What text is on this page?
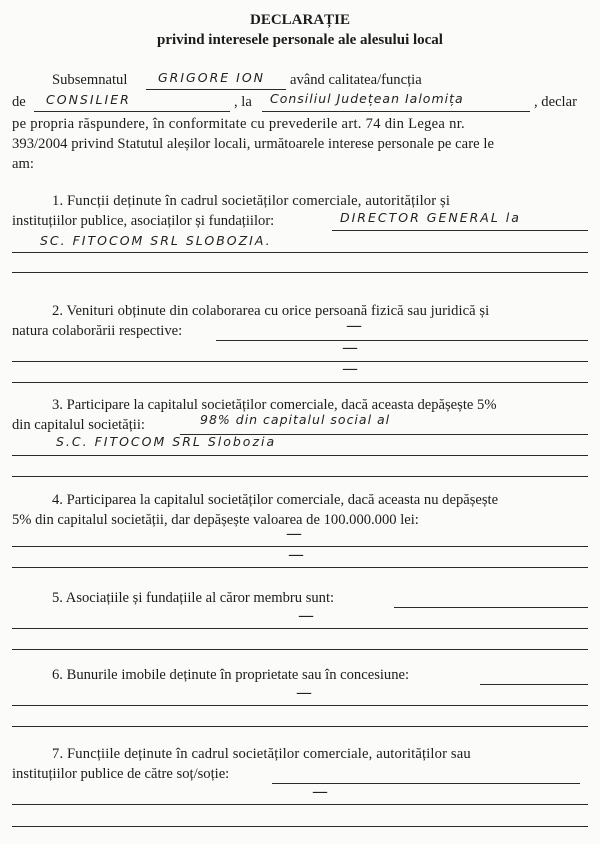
DECLARAȚIE
privind interesele personale ale alesului local
Subsemnatul GRIGORE ION având calitatea/funcția
de CONSILIER	, la Consiliul Județean Ialomița	, declar
pe propria răspundere, în conformitate cu prevederile art. 74 din Legea nr.
393/2004 privind Statutul aleșilor locali, următoarele interese personale pe care le
am:
1. Funcții deținute în cadrul societăților comerciale, autorităților și
instituțiilor publice, asociaților și fundațiilor:	DIRECTOR GENERAL la
SC. FITOCOM SRL SLOBOZIA.
2. Venituri obținute din colaborarea cu orice persoană fizică sau juridică și
natura colaborării respective:	—
—
—
3. Participare la capitalul societăților comerciale, dacă aceasta depășește 5%
din capitalul societății:	98% din capitalul social al
S.C. FITOCOM SRL Slobozia
4. Participarea la capitalul societăților comerciale, dacă aceasta nu depășește
5% din capitalul societății, dar depășește valoarea de 100.000.000 lei:
—
—
5. Asociațiile și fundațiile al căror membru sunt:
—
6. Bunurile imobile deținute în proprietate sau în concesiune:
—
7. Funcțiile deținute în cadrul societăților comerciale, autorităților sau
instituțiilor publice de către soț/soție:
—
